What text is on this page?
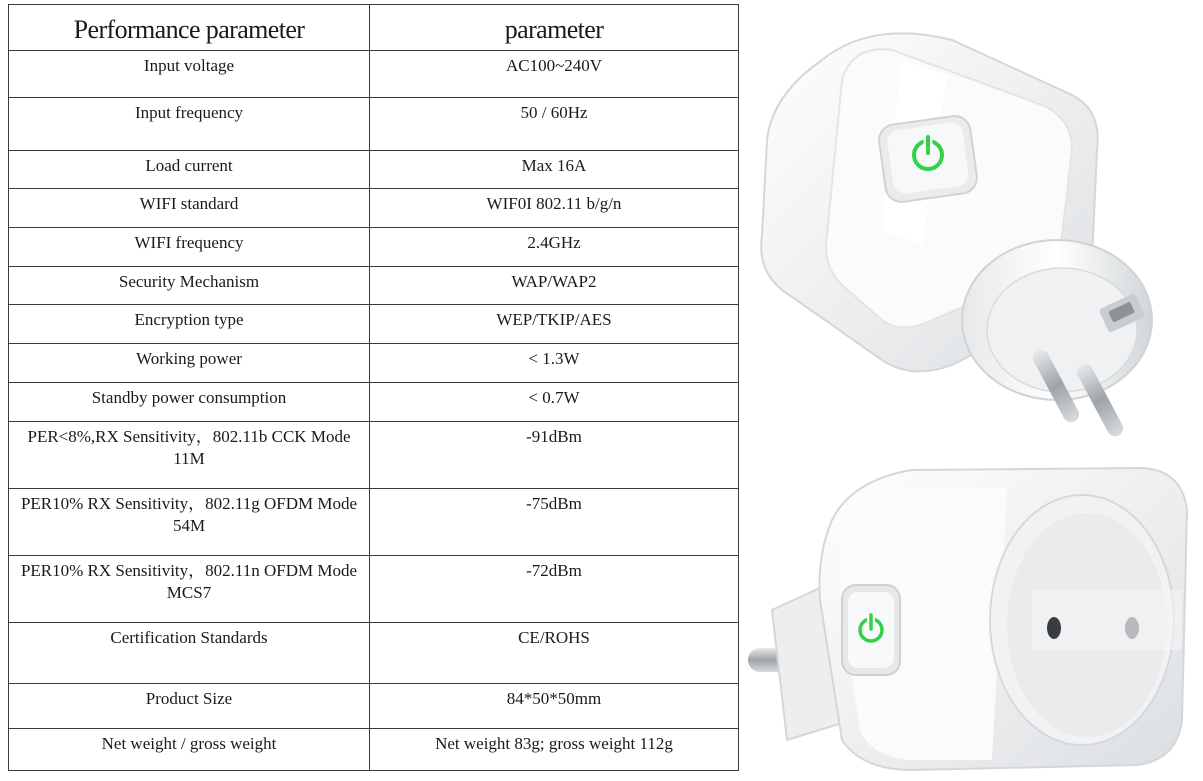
Performance parameter	parameter
Input voltage	AC100~240V
Input frequency	50 / 60Hz
Load current	Max 16A
WIFI standard	WIF0I 802.11 b/g/n
WIFI frequency	2.4GHz
Security Mechanism	WAP/WAP2
Encryption type	WEP/TKIP/AES
Working power	< 1.3W
Standby power consumption	< 0.7W
PER<8%,RX Sensitivity，802.11b CCK Mode 11M	-91dBm
PER10% RX Sensitivity，802.11g OFDM Mode 54M	-75dBm
PER10% RX Sensitivity，802.11n OFDM Mode MCS7	-72dBm
Certification Standards	CE/ROHS
Product Size	84*50*50mm
Net weight / gross weight	Net weight 83g; gross weight 112g
